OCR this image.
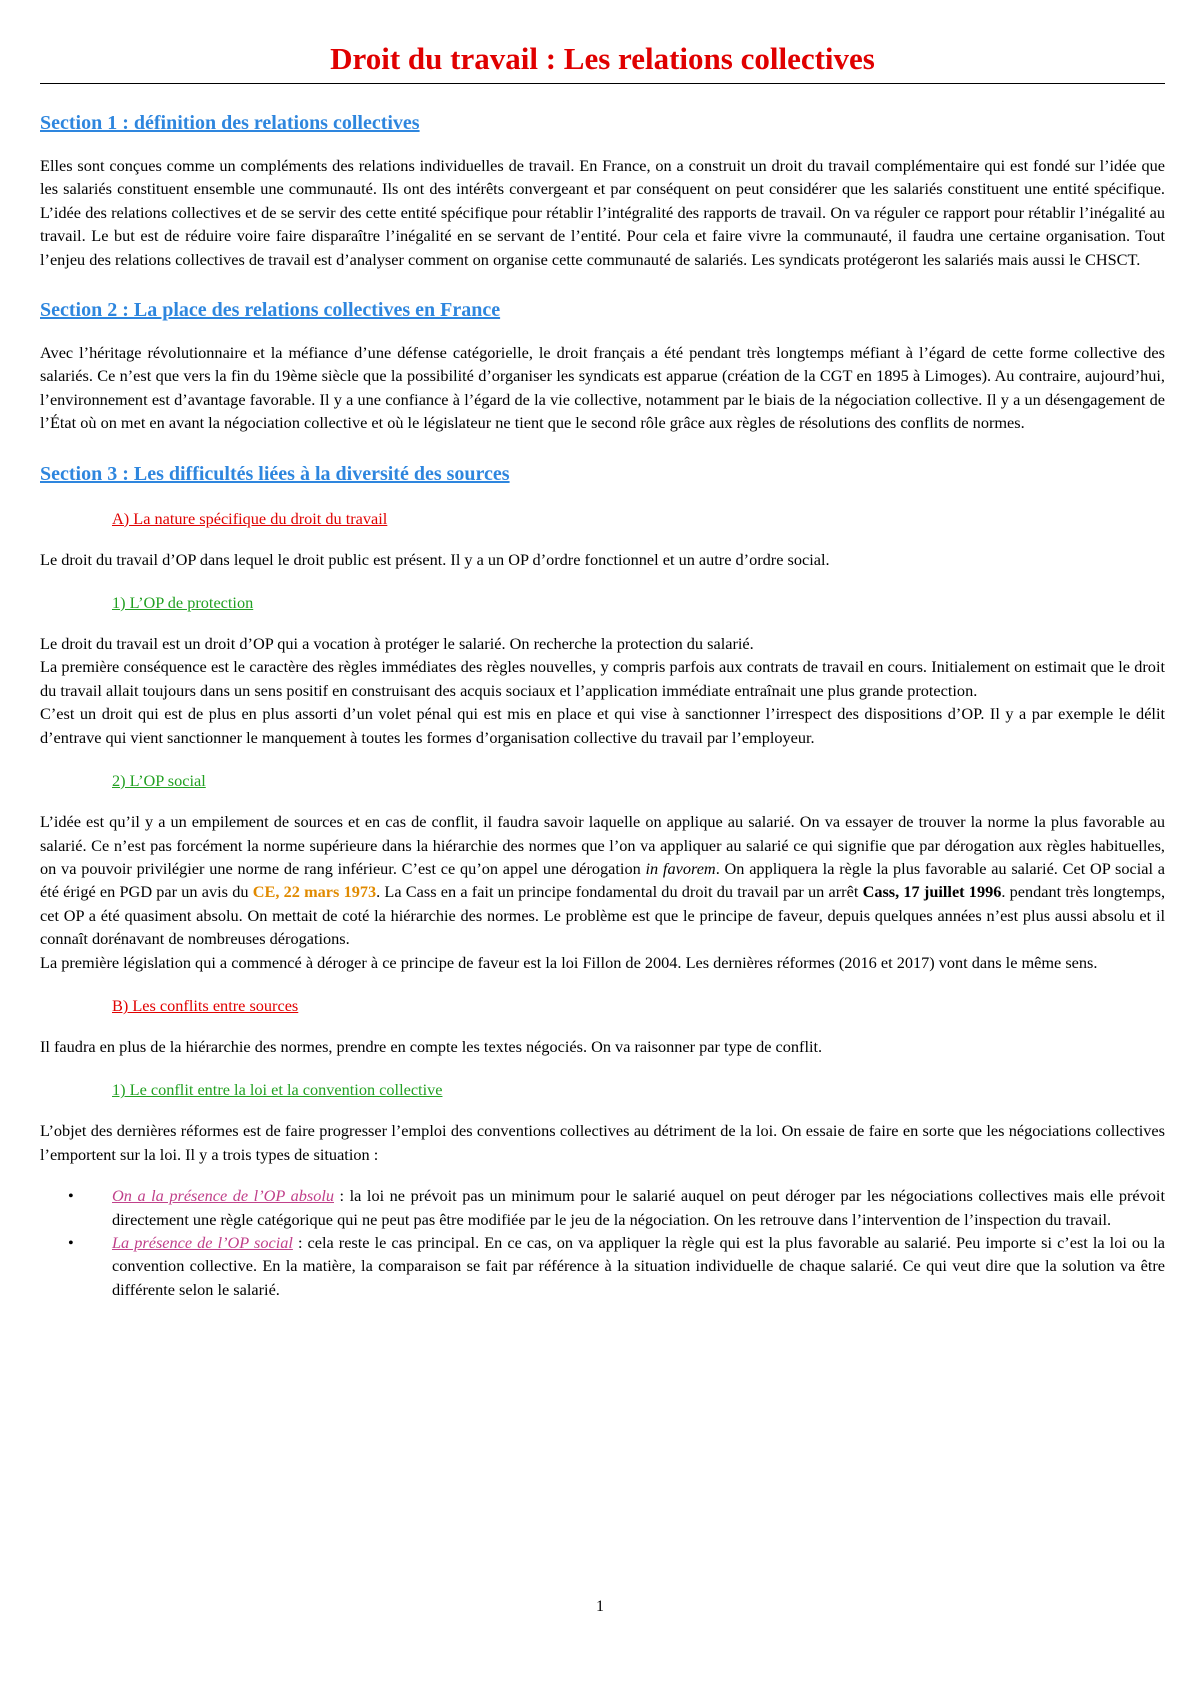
Droit du travail : Les relations collectives
Section 1 : définition des relations collectives

Elles sont conçues comme un compléments des relations individuelles de travail. En France, on a construit un droit du travail complémentaire qui est fondé sur l’idée que les salariés constituent ensemble une communauté. Ils ont des intérêts convergeant et par conséquent on peut considérer que les salariés constituent une entité spécifique. L’idée des relations collectives et de se servir des cette entité spécifique pour rétablir l’intégralité des rapports de travail. On va réguler ce rapport pour rétablir l’inégalité au travail. Le but est de réduire voire faire disparaître l’inégalité en se servant de l’entité. Pour cela et faire vivre la communauté, il faudra une certaine organisation. Tout l’enjeu des relations collectives de travail est d’analyser comment on organise cette communauté de salariés. Les syndicats protégeront les salariés mais aussi le CHSCT.

Section 2 : La place des relations collectives en France

Avec l’héritage révolutionnaire et la méfiance d’une défense catégorielle, le droit français a été pendant très longtemps méfiant à l’égard de cette forme collective des salariés. Ce n’est que vers la fin du 19ème siècle que la possibilité d’organiser les syndicats est apparue (création de la CGT en 1895 à Limoges). Au contraire, aujourd’hui, l’environnement est d’avantage favorable. Il y a une confiance à l’égard de la vie collective, notamment par le biais de la négociation collective. Il y a un désengagement de l’État où on met en avant la négociation collective et où le législateur ne tient que le second rôle grâce aux règles de résolutions des conflits de normes.

Section 3 : Les difficultés liées à la diversité des sources
A) La nature spécifique du droit du travail

Le droit du travail d’OP dans lequel le droit public est présent. Il y a un OP d’ordre fonctionnel et un autre d’ordre social.

1) L’OP de protection

Le droit du travail est un droit d’OP qui a vocation à protéger le salarié. On recherche la protection du salarié.

La première conséquence est le caractère des règles immédiates des règles nouvelles, y compris parfois aux contrats de travail en cours. Initialement on estimait que le droit du travail allait toujours dans un sens positif en construisant des acquis sociaux et l’application immédiate entraînait une plus grande protection.

C’est un droit qui est de plus en plus assorti d’un volet pénal qui est mis en place et qui vise à sanctionner l’irrespect des dispositions d’OP. Il y a par exemple le délit d’entrave qui vient sanctionner le manquement à toutes les formes d’organisation collective du travail par l’employeur.

2) L’OP social

L’idée est qu’il y a un empilement de sources et en cas de conflit, il faudra savoir laquelle on applique au salarié. On va essayer de trouver la norme la plus favorable au salarié. Ce n’est pas forcément la norme supérieure dans la hiérarchie des normes que l’on va appliquer au salarié ce qui signifie que par dérogation aux règles habituelles, on va pouvoir privilégier une norme de rang inférieur. C’est ce qu’on appel une dérogation in favorem. On appliquera la règle la plus favorable au salarié. Cet OP social a été érigé en PGD par un avis du CE, 22 mars 1973. La Cass en a fait un principe fondamental du droit du travail par un arrêt Cass, 17 juillet 1996. pendant très longtemps, cet OP a été quasiment absolu. On mettait de coté la hiérarchie des normes. Le problème est que le principe de faveur, depuis quelques années n’est plus aussi absolu et il connaît dorénavant de nombreuses dérogations.

La première législation qui a commencé à déroger à ce principe de faveur est la loi Fillon de 2004. Les dernières réformes (2016 et 2017) vont dans le même sens.

B) Les conflits entre sources

Il faudra en plus de la hiérarchie des normes, prendre en compte les textes négociés. On va raisonner par type de conflit.

1) Le conflit entre la loi et la convention collective

L’objet des dernières réformes est de faire progresser l’emploi des conventions collectives au détriment de la loi. On essaie de faire en sorte que les négociations collectives l’emportent sur la loi. Il y a trois types de situation :

• On a la présence de l’OP absolu : la loi ne prévoit pas un minimum pour le salarié auquel on peut déroger par les négociations collectives mais elle prévoit directement une règle catégorique qui ne peut pas être modifiée par le jeu de la négociation. On les retrouve dans l’intervention de l’inspection du travail.
• La présence de l’OP social : cela reste le cas principal. En ce cas, on va appliquer la règle qui est la plus favorable au salarié. Peu importe si c’est la loi ou la convention collective. En la matière, la comparaison se fait par référence à la situation individuelle de chaque salarié. Ce qui veut dire que la solution va être différente selon le salarié.
1
